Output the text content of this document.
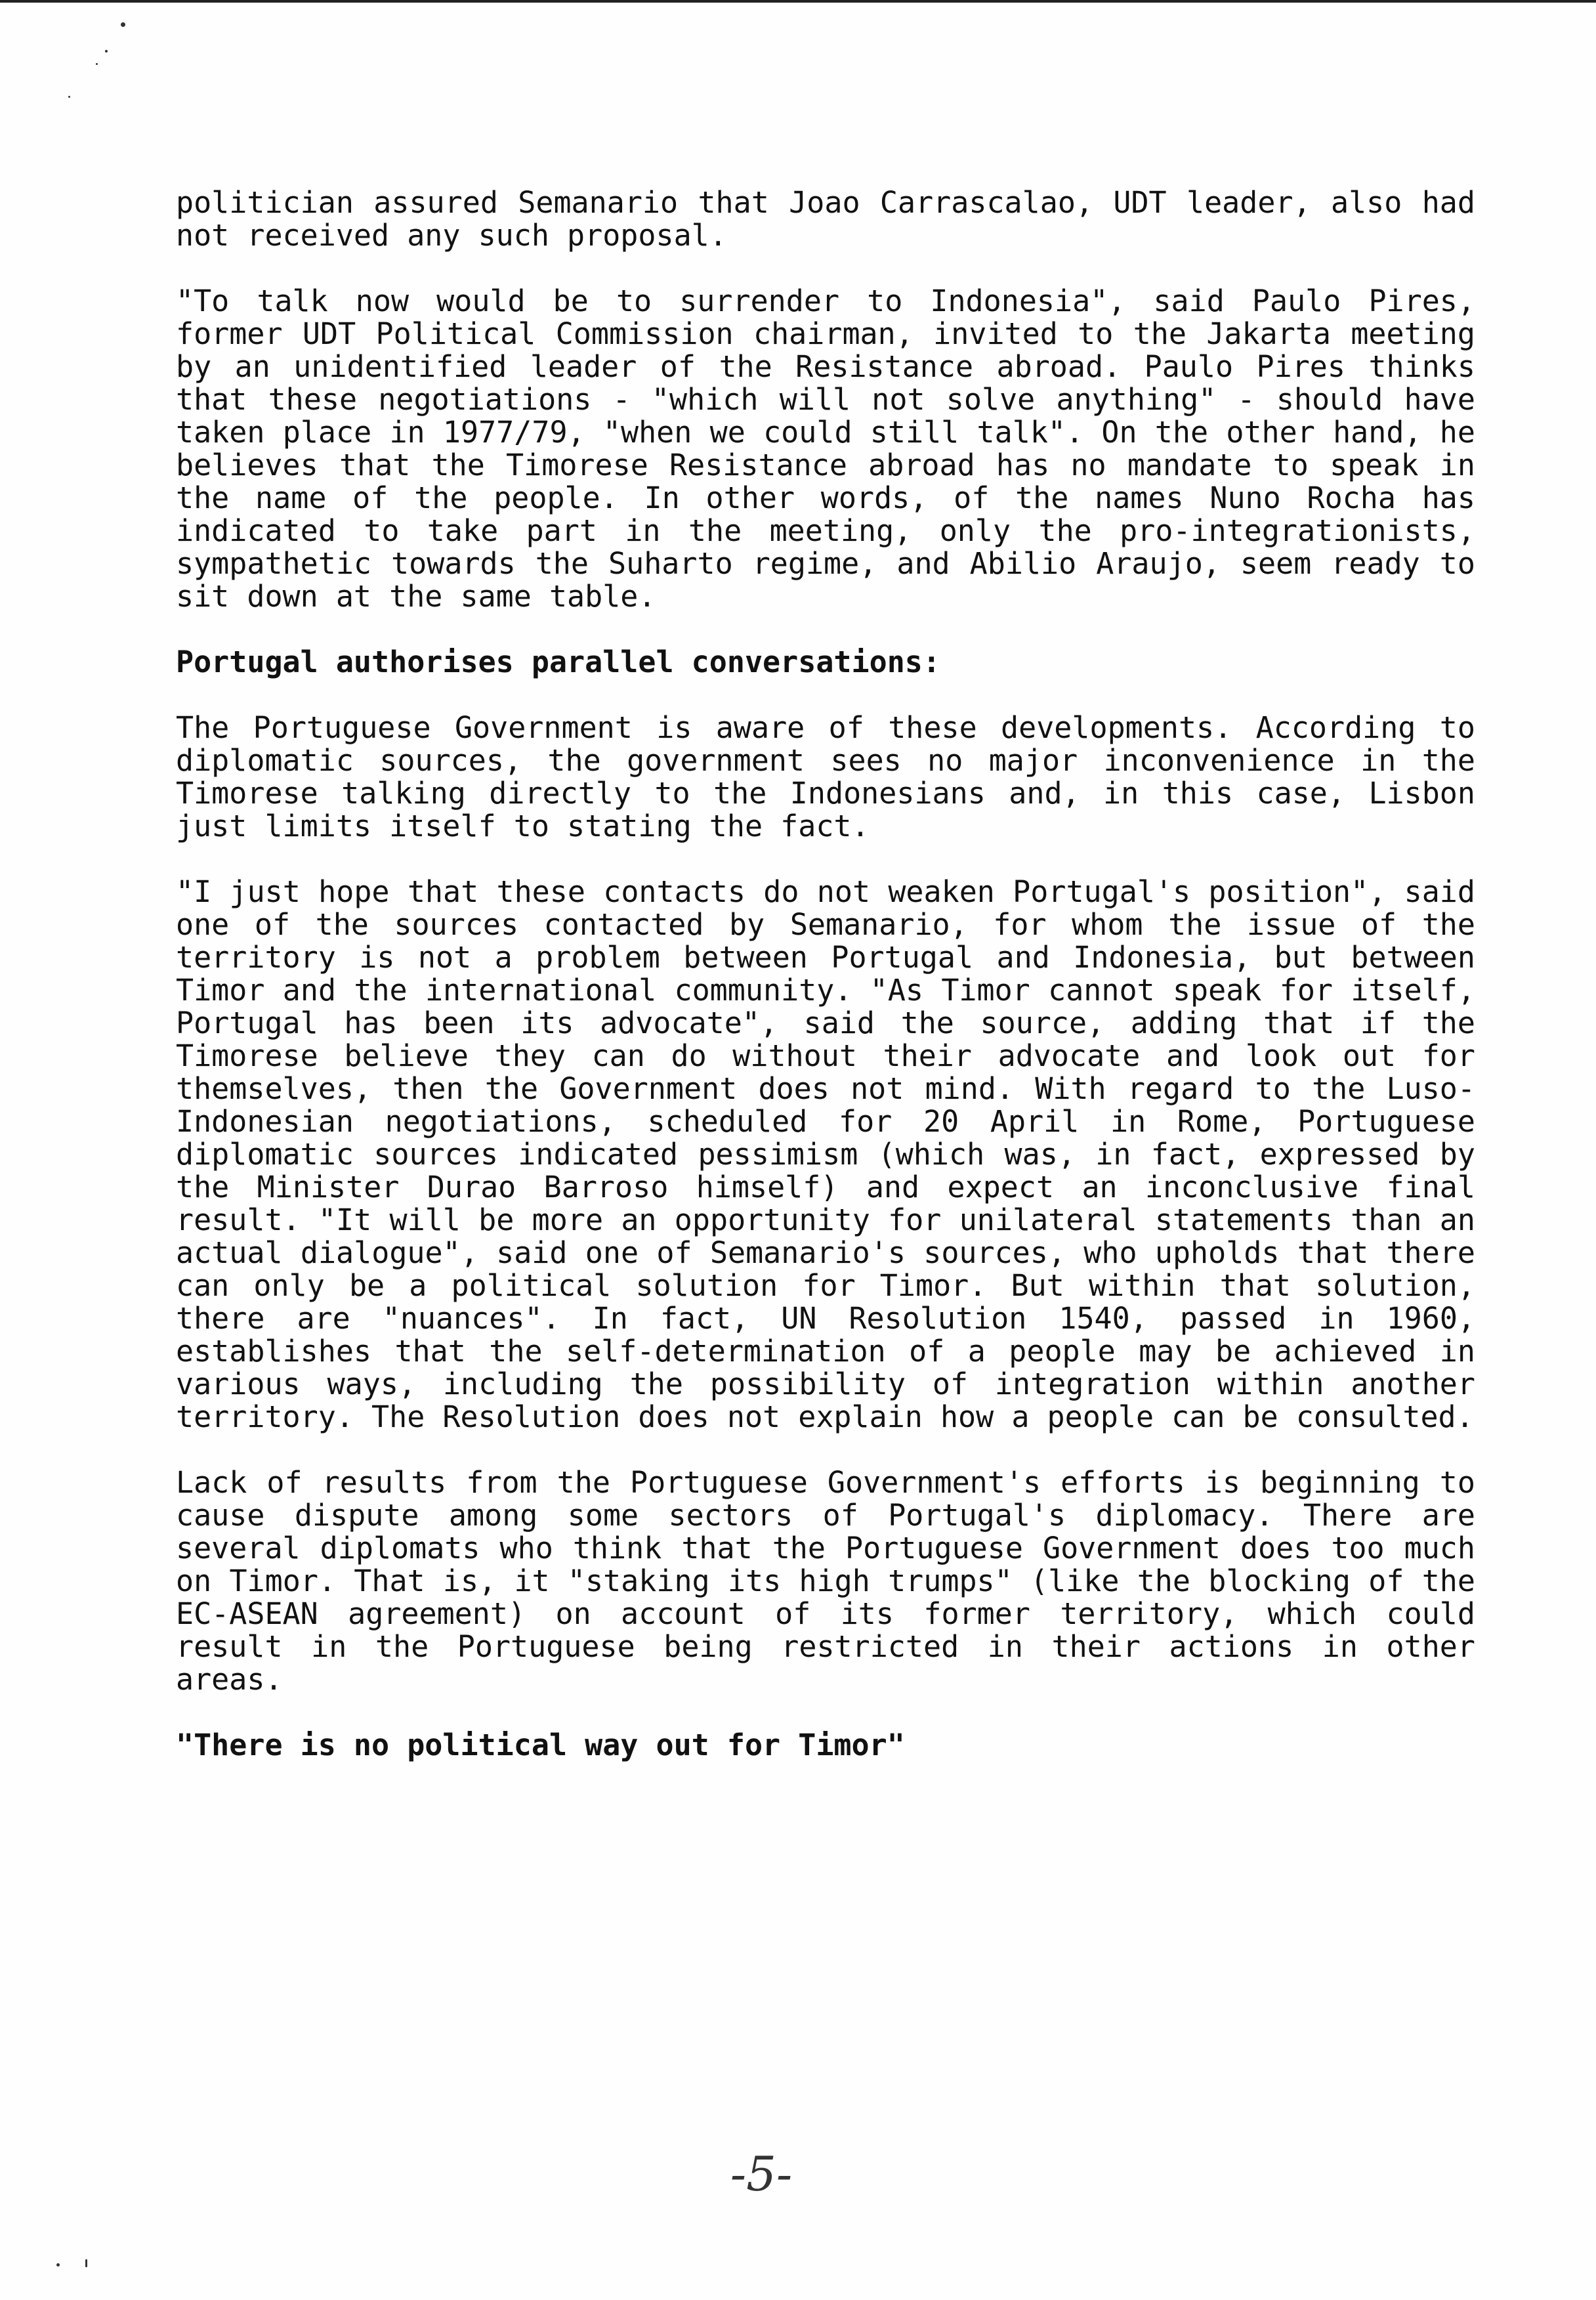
politician assured Semanario that Joao Carrascalao, UDT leader, also had not received any such proposal.

"To talk now would be to surrender to Indonesia", said Paulo Pires, former UDT Political Commission chairman, invited to the Jakarta meeting by an unidentified leader of the Resistance abroad. Paulo Pires thinks that these negotiations - "which will not solve anything" - should have taken place in 1977/79, "when we could still talk". On the other hand, he believes that the Timorese Resistance abroad has no mandate to speak in the name of the people. In other words, of the names Nuno Rocha has indicated to take part in the meeting, only the pro-integrationists, sympathetic towards the Suharto regime, and Abilio Araujo, seem ready to sit down at the same table.

Portugal authorises parallel conversations:

The Portuguese Government is aware of these developments. According to diplomatic sources, the government sees no major inconvenience in the Timorese talking directly to the Indonesians and, in this case, Lisbon just limits itself to stating the fact.

"I just hope that these contacts do not weaken Portugal's position", said one of the sources contacted by Semanario, for whom the issue of the territory is not a problem between Portugal and Indonesia, but between Timor and the international community. "As Timor cannot speak for itself, Portugal has been its advocate", said the source, adding that if the Timorese believe they can do without their advocate and look out for themselves, then the Government does not mind. With regard to the Luso-Indonesian negotiations, scheduled for 20 April in Rome, Portuguese diplomatic sources indicated pessimism (which was, in fact, expressed by the Minister Durao Barroso himself) and expect an inconclusive final result. "It will be more an opportunity for unilateral statements than an actual dialogue", said one of Semanario's sources, who upholds that there can only be a political solution for Timor. But within that solution, there are "nuances". In fact, UN Resolution 1540, passed in 1960, establishes that the self-determination of a people may be achieved in various ways, including the possibility of integration within another territory. The Resolution does not explain how a people can be consulted.

Lack of results from the Portuguese Government's efforts is beginning to cause dispute among some sectors of Portugal's diplomacy. There are several diplomats who think that the Portuguese Government does too much on Timor. That is, it "staking its high trumps" (like the blocking of the EC-ASEAN agreement) on account of its former territory, which could result in the Portuguese being restricted in their actions in other areas.

"There is no political way out for Timor"

-5-
